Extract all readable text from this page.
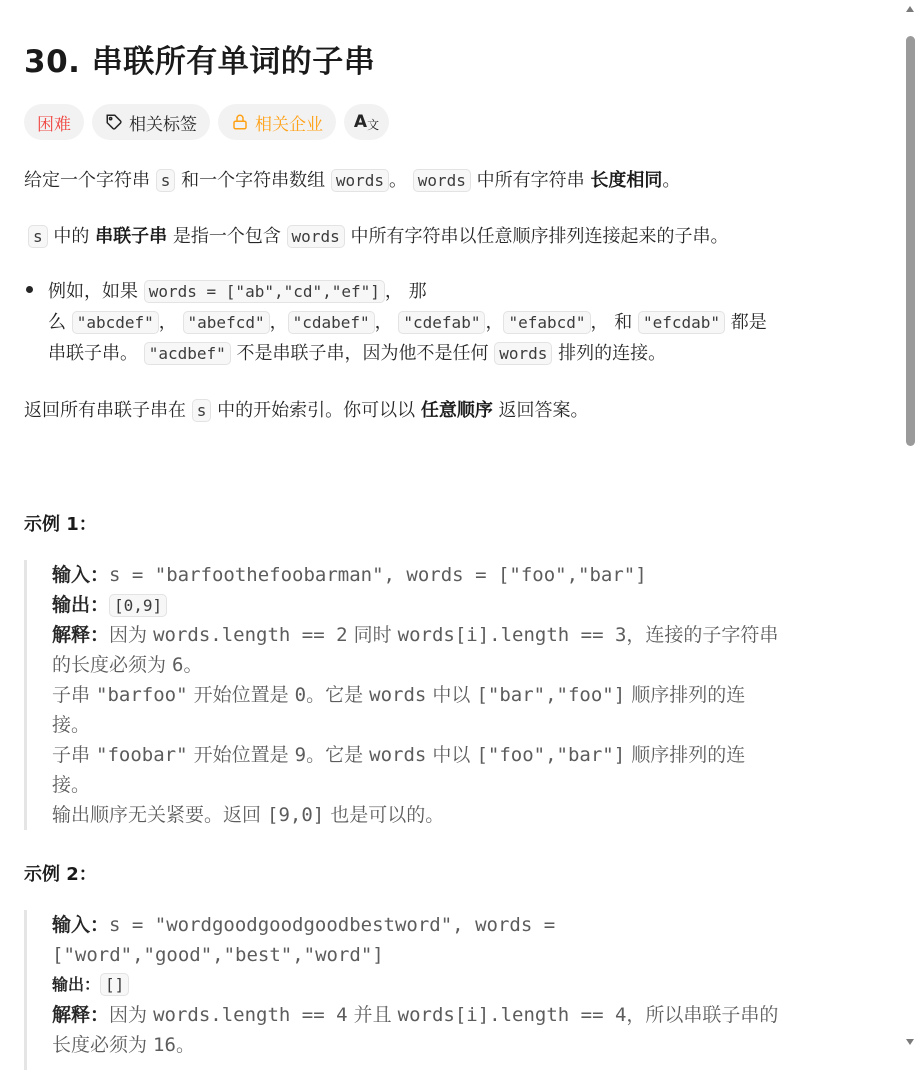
30. 串联所有单词的子串
困难	相关标签	相关企业 A 文
给定一个字符串 s 和一个字符串数组 words 。 words 中所有字符串 长度相同。
s 中的 串联子串 是指一个包含 words 中所有字符串以任意顺序排列连接起来的子串。
例如，如果 words = ["ab","cd","ef"] ， 那
么 "abcdef" ， "abefcd" ， "cdabef" ， "cdefab" ， "efabcd" ， 和 "efcdab" 都是
串联子串。 "acdbef" 不是串联子串，因为他不是任何 words 排列的连接。
返回所有串联子串在 s 中的开始索引。你可以以 任意顺序 返回答案。
示例 1：
输入：s = "barfoothefoobarman", words = ["foo","bar"]
输出： [0,9]
解释：因为 words.length == 2 同时 words[i].length == 3，连接的子字符串
的长度必须为 6。
子串 "barfoo" 开始位置是 0。它是 words 中以 ["bar","foo"] 顺序排列的连
接。
子串 "foobar" 开始位置是 9。它是 words 中以 ["foo","bar"] 顺序排列的连
接。
输出顺序无关紧要。返回 [9,0] 也是可以的。
示例 2：
输入：s = "wordgoodgoodgoodbestword", words =
["word","good","best","word"]
输出： []
解释：因为 words.length == 4 并且 words[i].length == 4，所以串联子串的
长度必须为 16。
